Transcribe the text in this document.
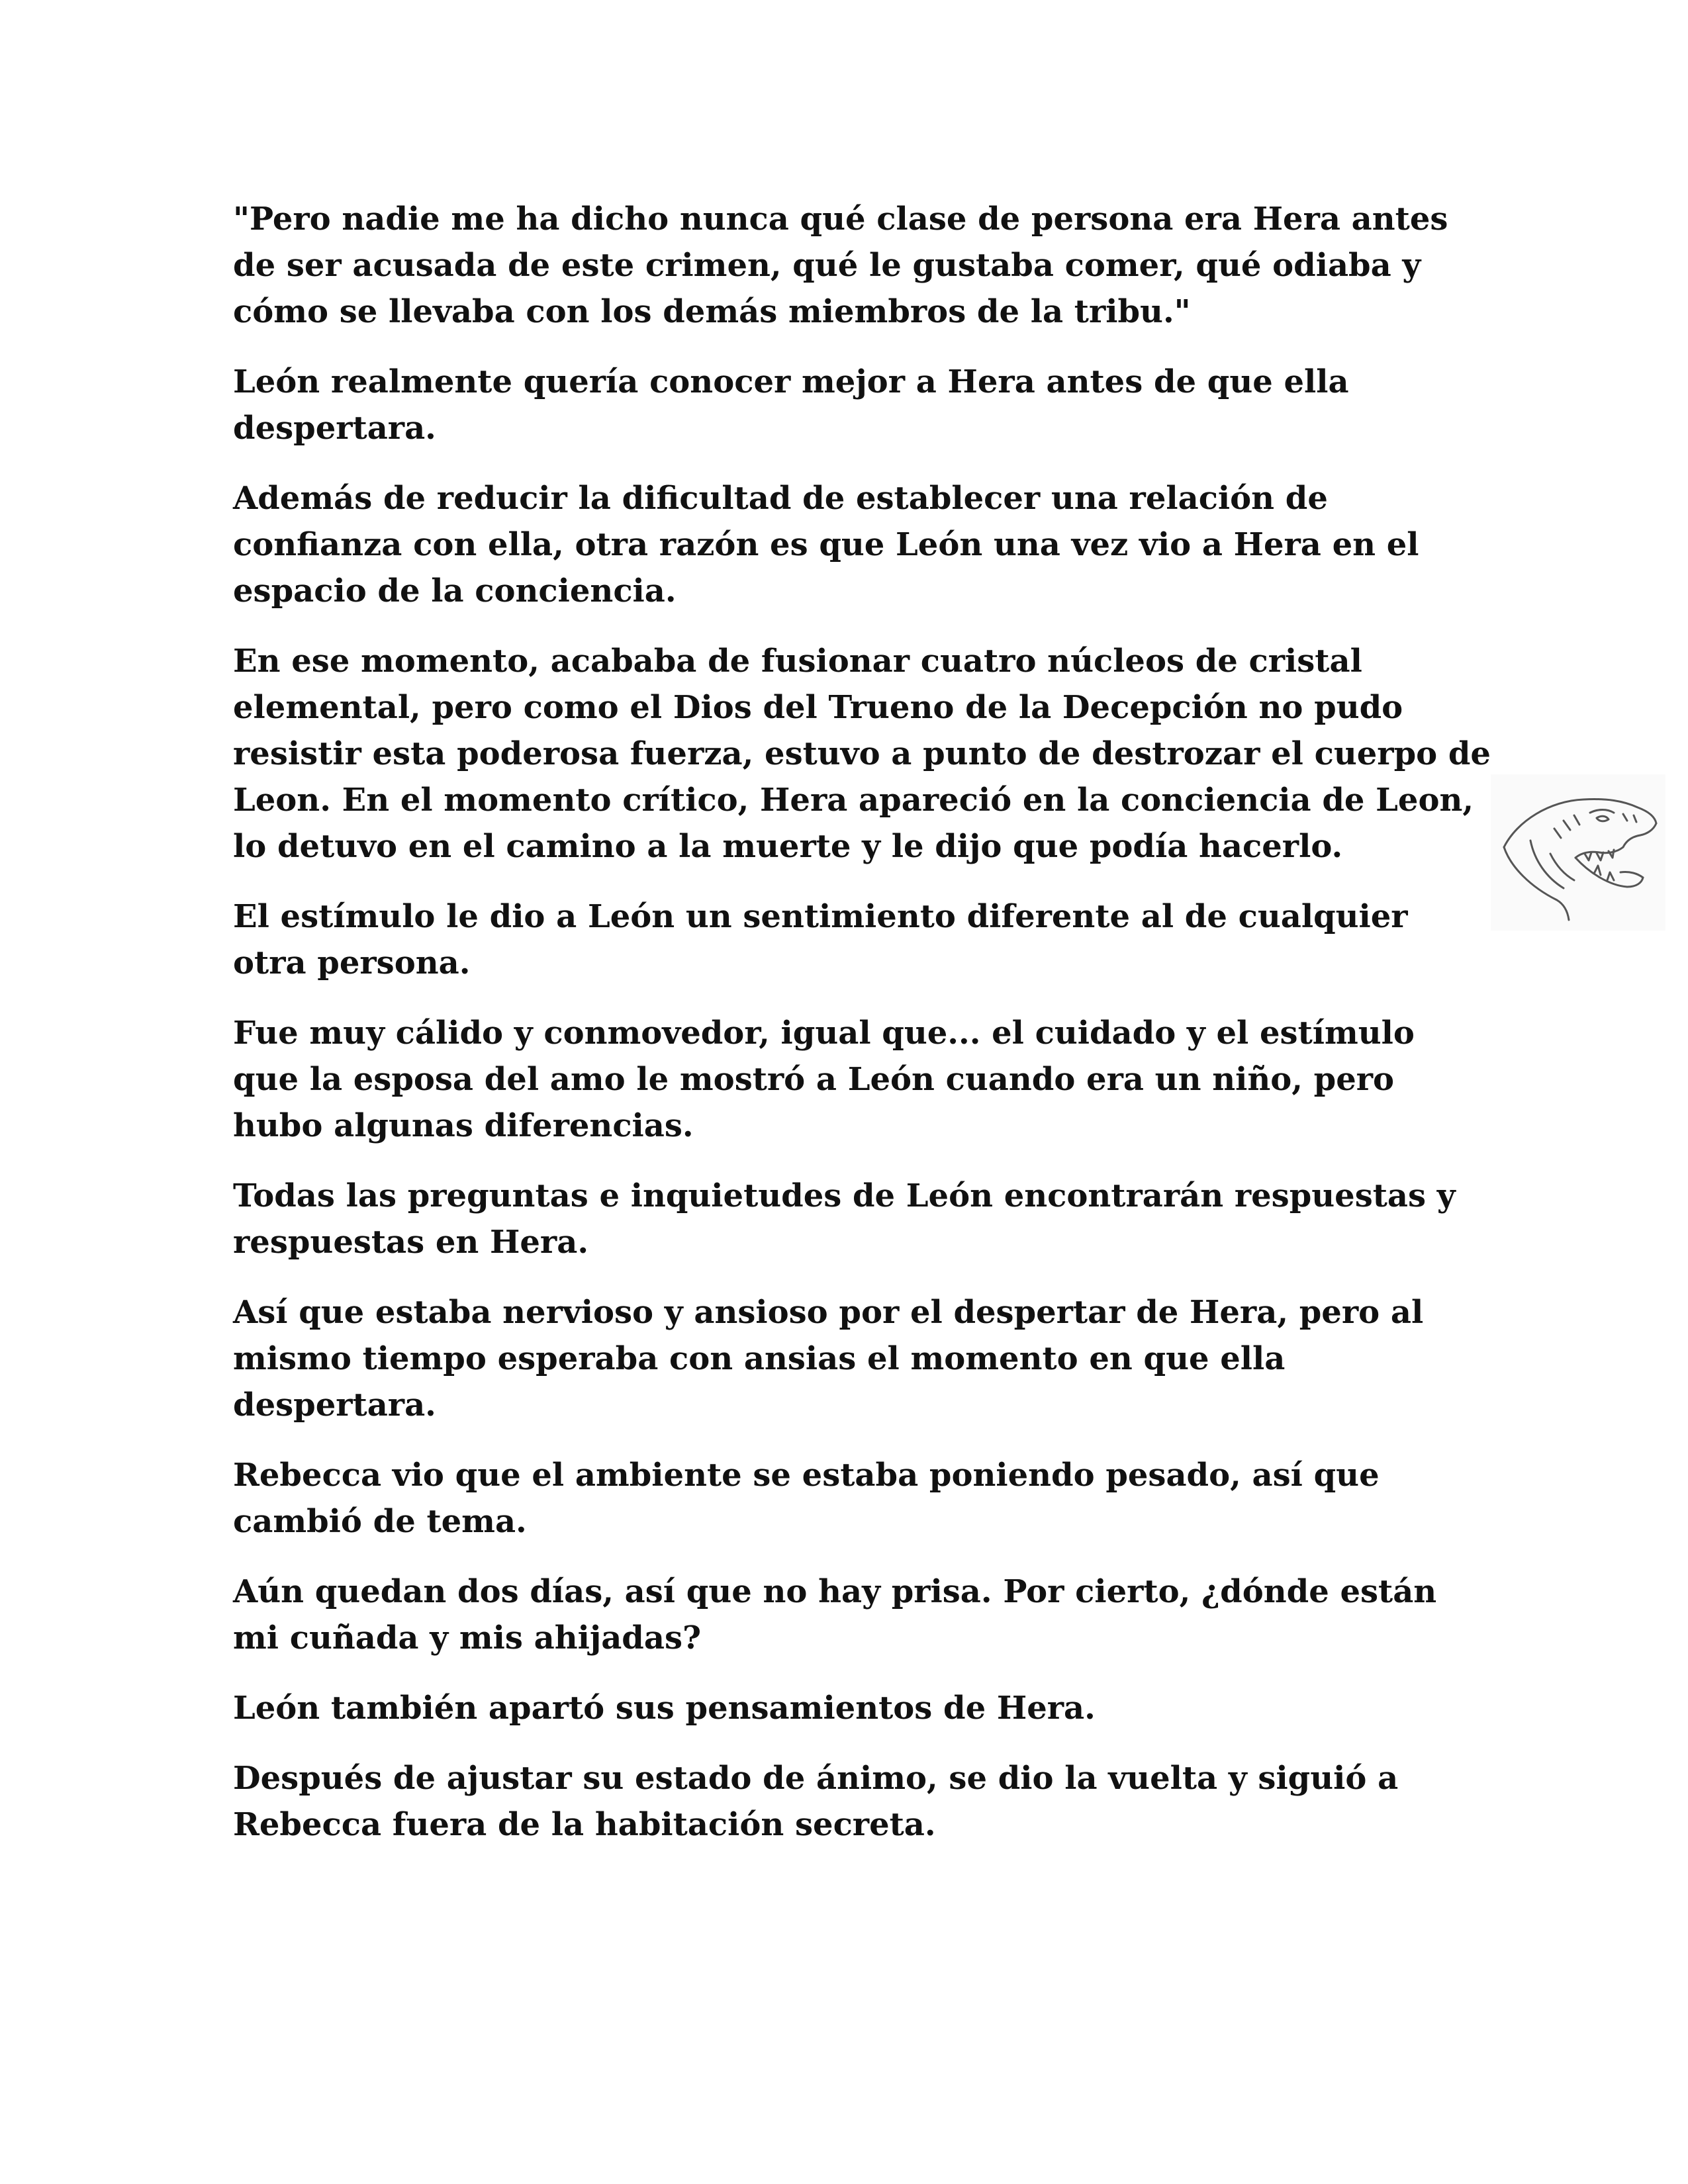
"Pero nadie me ha dicho nunca qué clase de persona era Hera antes de ser acusada de este crimen, qué le gustaba comer, qué odiaba y cómo se llevaba con los demás miembros de la tribu."

León realmente quería conocer mejor a Hera antes de que ella despertara.

Además de reducir la dificultad de establecer una relación de confianza con ella, otra razón es que León una vez vio a Hera en el espacio de la conciencia.

En ese momento, acababa de fusionar cuatro núcleos de cristal elemental, pero como el Dios del Trueno de la Decepción no pudo resistir esta poderosa fuerza, estuvo a punto de destrozar el cuerpo de Leon. En el momento crítico, Hera apareció en la conciencia de Leon, lo detuvo en el camino a la muerte y le dijo que podía hacerlo.

El estímulo le dio a León un sentimiento diferente al de cualquier otra persona.

Fue muy cálido y conmovedor, igual que... el cuidado y el estímulo que la esposa del amo le mostró a León cuando era un niño, pero hubo algunas diferencias.

Todas las preguntas e inquietudes de León encontrarán respuestas y respuestas en Hera.

Así que estaba nervioso y ansioso por el despertar de Hera, pero al mismo tiempo esperaba con ansias el momento en que ella despertara.

Rebecca vio que el ambiente se estaba poniendo pesado, así que cambió de tema.

Aún quedan dos días, así que no hay prisa. Por cierto, ¿dónde están mi cuñada y mis ahijadas?

León también apartó sus pensamientos de Hera.

Después de ajustar su estado de ánimo, se dio la vuelta y siguió a Rebecca fuera de la habitación secreta.
